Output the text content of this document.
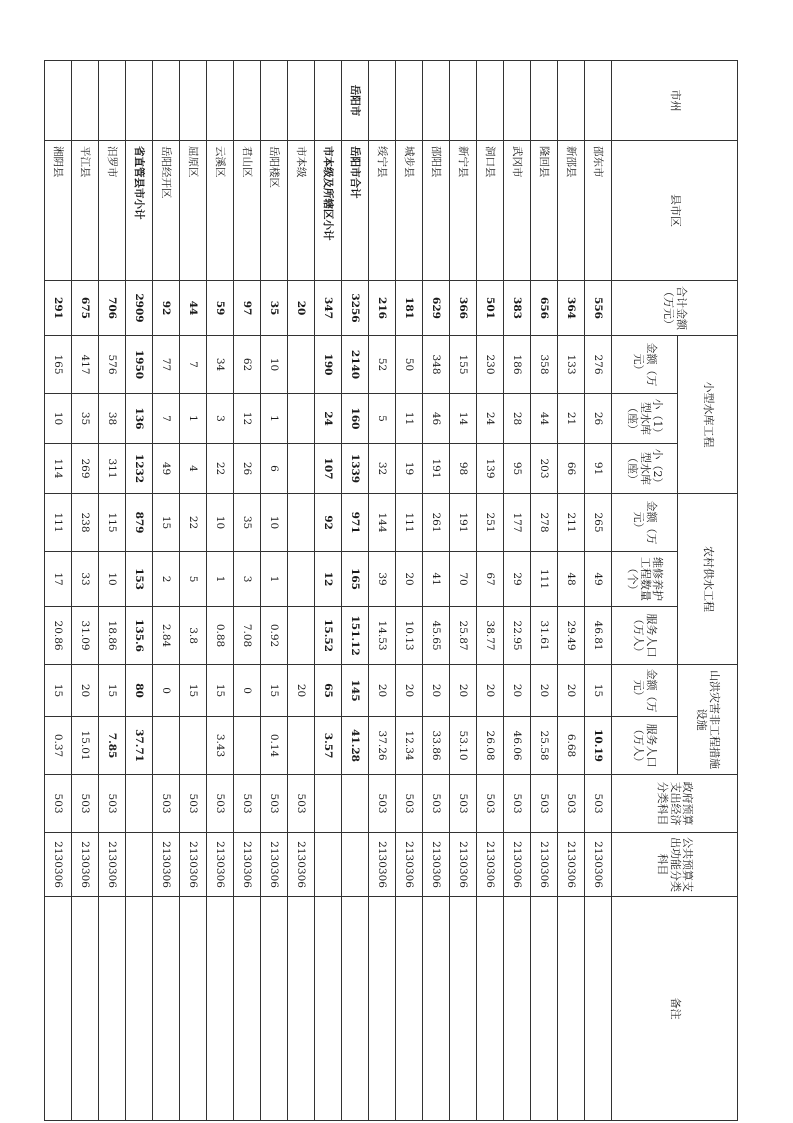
市州	县市区	合计金额（万元）	小型水库工程			农村供水工程			山洪灾害非工程措施设施		政府预算支出经济分类科目	公共预算支出功能分类科目	备注
			金额（万元）	小（1）型水库（座）	小（2）型水库（座）	金额（万元）	维修养护工程数量（个）	服务人口（万人）	金额（万元）	服务人口（万人）			
	邵东市	556	276	26	91	265	49	46.81	15	10.19	503	2130306	
	新邵县	364	133	21	66	211	48	29.49	20	6.68	503	2130306	
	隆回县	656	358	44	203	278	111	31.61	20	25.58	503	2130306	
	武冈市	383	186	28	95	177	29	22.95	20	46.06	503	2130306	
	洞口县	501	230	24	139	251	67	38.77	20	26.08	503	2130306	
	新宁县	366	155	14	98	191	70	25.87	20	53.10	503	2130306	
	邵阳县	629	348	46	191	261	41	45.65	20	33.86	503	2130306	
	城步县	181	50	11	19	111	20	10.13	20	12.34	503	2130306	
	绥宁县	216	52	5	32	144	39	14.53	20	37.26	503	2130306	
岳阳市	岳阳市合计	3256	2140	160	1339	971	165	151.12	145	41.28			
	市本级及所辖区小计	347	190	24	107	92	12	15.52	65	3.57			
	市本级	20							20		503	2130306	
	岳阳楼区	35	10	1	6	10	1	0.92	15	0.14	503	2130306	
	君山区	97	62	12	26	35	3	7.08	0		503	2130306	
	云溪区	59	34	3	22	10	1	0.88	15	3.43	503	2130306	
	屈原区	44	7	1	4	22	5	3.8	15		503	2130306	
	岳阳经开区	92	77	7	49	15	2	2.84	0		503	2130306	
	省直管县市小计	2909	1950	136	1232	879	153	135.6	80	37.71			
	汨罗市	706	576	38	311	115	10	18.86	15	7.85	503	2130306	
	平江县	675	417	35	269	238	33	31.09	20	15.01	503	2130306	
	湘阴县	291	165	10	114	111	17	20.86	15	0.37	503	2130306	
